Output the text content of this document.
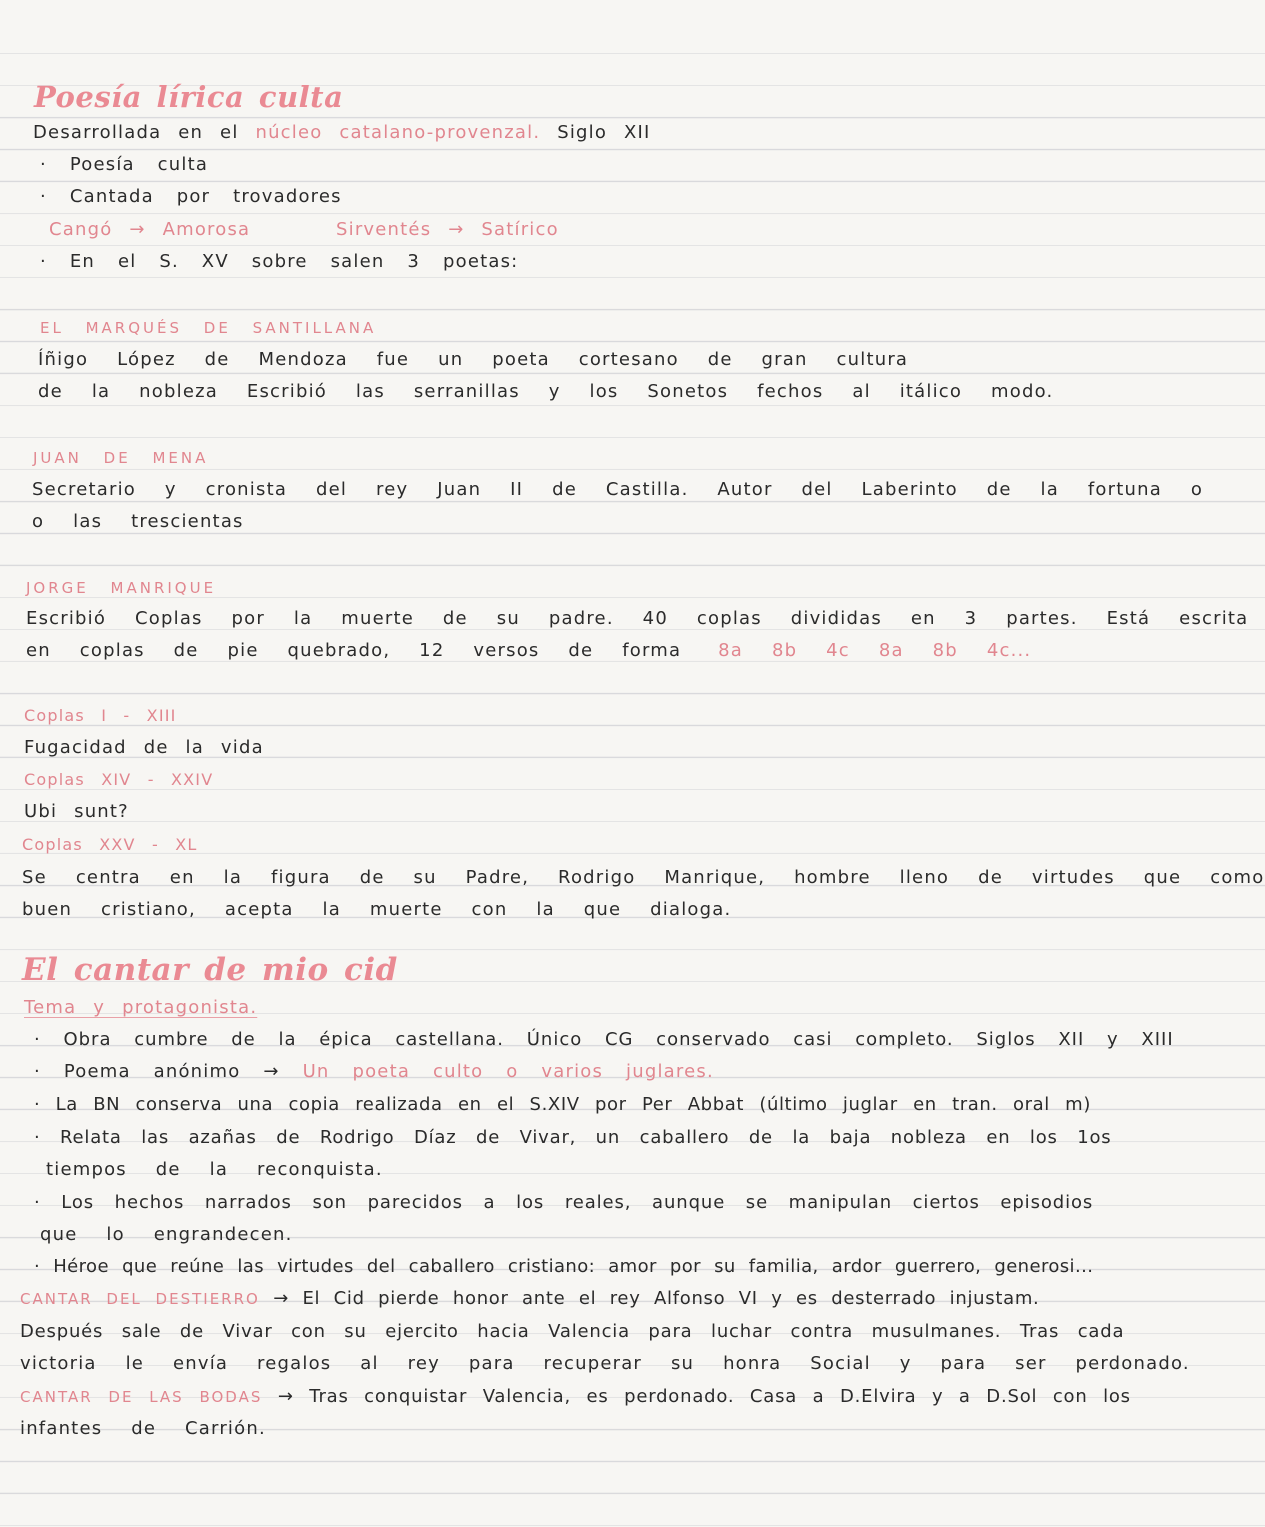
Poesía lírica culta
Desarrollada en el núcleo catalano-provenzal. Siglo XII
· Poesía culta
· Cantada por trovadores
Cangó → Amorosa	Sirventés → Satírico
· En el S. XV sobre salen 3 poetas:
EL MARQUÉS DE SANTILLANA
Íñigo López de Mendoza fue un poeta cortesano de gran cultura
de la nobleza Escribió las serranillas y los Sonetos fechos al itálico modo.
JUAN DE MENA
Secretario y cronista del rey Juan II de Castilla. Autor del Laberinto de la fortuna o
o las trescientas
JORGE MANRIQUE
Escribió Coplas por la muerte de su padre. 40 coplas divididas en 3 partes. Está escrita
en coplas de pie quebrado, 12 versos de forma 8a 8b 4c 8a 8b 4c...
Coplas I - XIII
Fugacidad de la vida
Coplas XIV - XXIV
Ubi sunt?
Coplas XXV - XL
Se centra en la figura de su Padre, Rodrigo Manrique, hombre lleno de virtudes que como
buen cristiano, acepta la muerte con la que dialoga.
El cantar de mio cid
Tema y protagonista.
· Obra cumbre de la épica castellana. Único CG conservado casi completo. Siglos XII y XIII
· Poema anónimo → Un poeta culto o varios juglares.
· La BN conserva una copia realizada en el S.XIV por Per Abbat (último juglar en tran. oral m)
· Relata las azañas de Rodrigo Díaz de Vivar, un caballero de la baja nobleza en los 1os
tiempos de la reconquista.
· Los hechos narrados son parecidos a los reales, aunque se manipulan ciertos episodios
que lo engrandecen.
· Héroe que reúne las virtudes del caballero cristiano: amor por su familia, ardor guerrero, generosi...
CANTAR DEL DESTIERRO → El Cid pierde honor ante el rey Alfonso VI y es desterrado injustam.
Después sale de Vivar con su ejercito hacia Valencia para luchar contra musulmanes. Tras cada
victoria le envía regalos al rey para recuperar su honra Social y para ser perdonado.
CANTAR DE LAS BODAS → Tras conquistar Valencia, es perdonado. Casa a D.Elvira y a D.Sol con los
infantes de Carrión.
